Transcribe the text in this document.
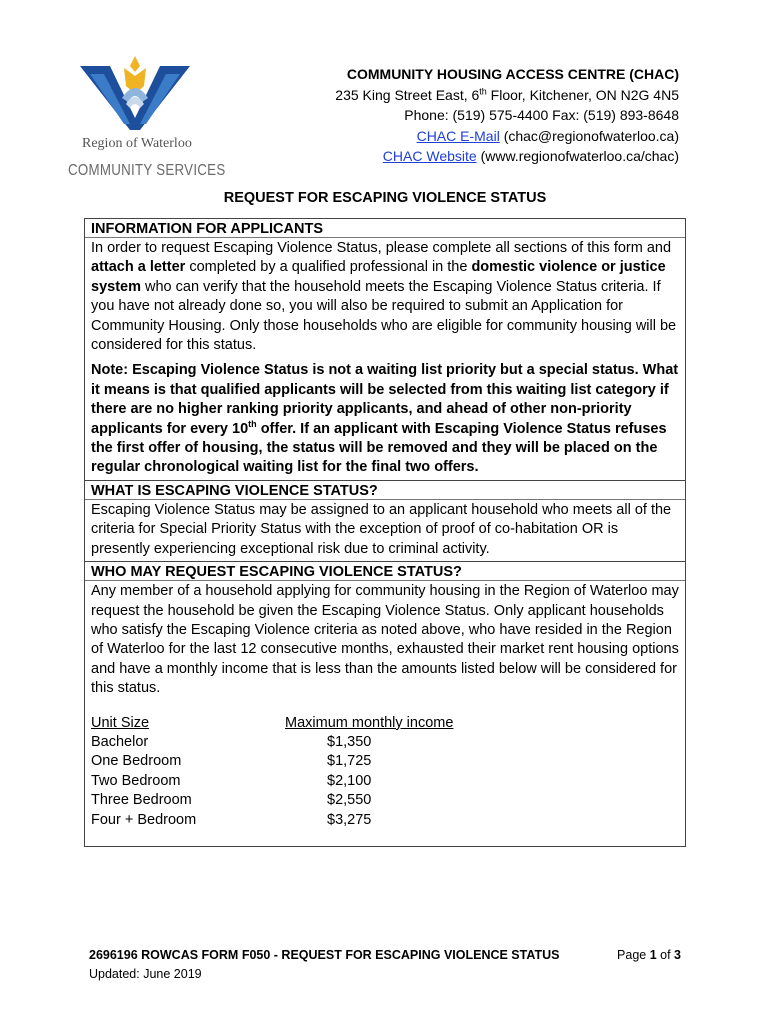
Region of Waterloo
COMMUNITY SERVICES
COMMUNITY HOUSING ACCESS CENTRE (CHAC)
235 King Street East, 6th Floor, Kitchener, ON N2G 4N5
Phone: (519) 575-4400 Fax: (519) 893-8648
CHAC E-Mail (chac@regionofwaterloo.ca)
CHAC Website (www.regionofwaterloo.ca/chac)
REQUEST FOR ESCAPING VIOLENCE STATUS
INFORMATION FOR APPLICANTS

In order to request Escaping Violence Status, please complete all sections of this form and attach a letter completed by a qualified professional in the domestic violence or justice system who can verify that the household meets the Escaping Violence Status criteria. If you have not already done so, you will also be required to submit an Application for Community Housing. Only those households who are eligible for community housing will be considered for this status.

Note: Escaping Violence Status is not a waiting list priority but a special status. What it means is that qualified applicants will be selected from this waiting list category if there are no higher ranking priority applicants, and ahead of other non-priority applicants for every 10th offer. If an applicant with Escaping Violence Status refuses the first offer of housing, the status will be removed and they will be placed on the regular chronological waiting list for the final two offers.

WHAT IS ESCAPING VIOLENCE STATUS?

Escaping Violence Status may be assigned to an applicant household who meets all of the criteria for Special Priority Status with the exception of proof of co-habitation OR is presently experiencing exceptional risk due to criminal activity.

WHO MAY REQUEST ESCAPING VIOLENCE STATUS?

Any member of a household applying for community housing in the Region of Waterloo may request the household be given the Escaping Violence Status. Only applicant households who satisfy the Escaping Violence criteria as noted above, who have resided in the Region of Waterloo for the last 12 consecutive months, exhausted their market rent housing options and have a monthly income that is less than the amounts listed below will be considered for this status.

Unit Size	Maximum monthly income
Bachelor	$1,350
One Bedroom	$1,725
Two Bedroom	$2,100
Three Bedroom	$2,550
Four + Bedroom	$3,275
2696196 ROWCAS FORM F050 - REQUEST FOR ESCAPING VIOLENCE STATUS
Updated: June 2019
Page 1 of 3
